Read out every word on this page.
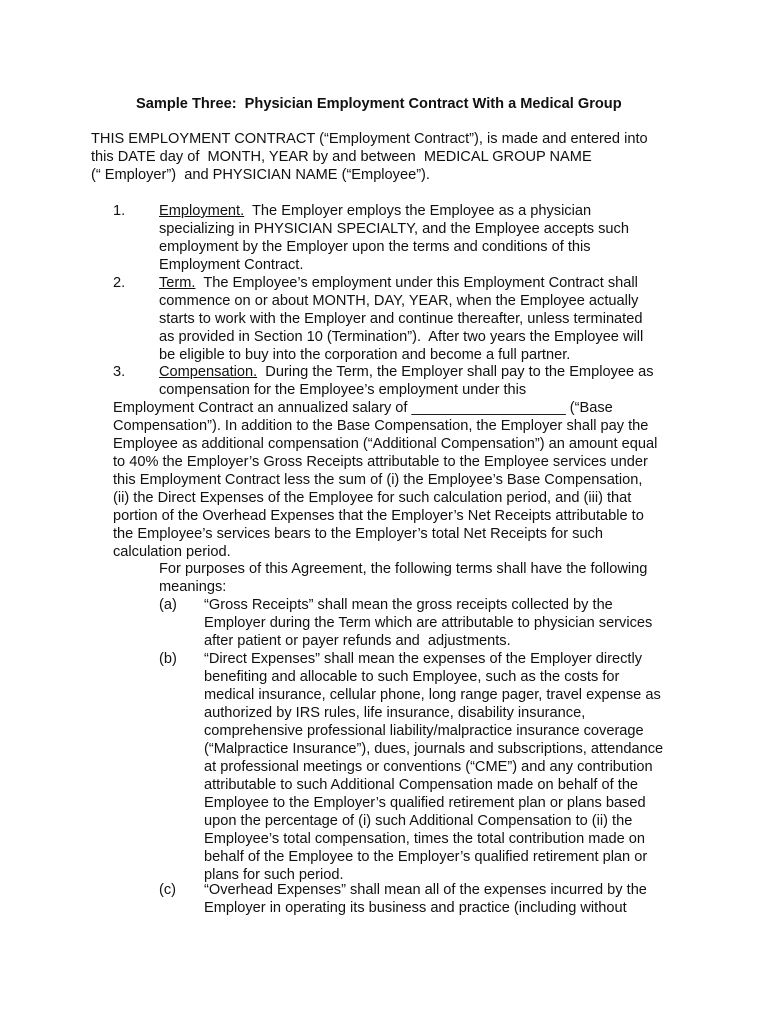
Sample Three:  Physician Employment Contract With a Medical Group
THIS EMPLOYMENT CONTRACT (“Employment Contract”), is made and entered into
this DATE day of  MONTH, YEAR by and between  MEDICAL GROUP NAME
(“ Employer”)  and PHYSICIAN NAME (“Employee”).
1. Employment.  The Employer employs the Employee as a physician
specializing in PHYSICIAN SPECIALTY, and the Employee accepts such
employment by the Employer upon the terms and conditions of this
Employment Contract.
2. Term.  The Employee’s employment under this Employment Contract shall
commence on or about MONTH, DAY, YEAR, when the Employee actually
starts to work with the Employer and continue thereafter, unless terminated
as provided in Section 10 (Termination”).  After two years the Employee will
be eligible to buy into the corporation and become a full partner.
3. Compensation.  During the Term, the Employer shall pay to the Employee as
compensation for the Employee’s employment under this
Employment Contract an annualized salary of ___________________ (“Base
Compensation”). In addition to the Base Compensation, the Employer shall pay the
Employee as additional compensation (“Additional Compensation”) an amount equal
to 40% the Employer’s Gross Receipts attributable to the Employee services under
this Employment Contract less the sum of (i) the Employee’s Base Compensation,
(ii) the Direct Expenses of the Employee for such calculation period, and (iii) that
portion of the Overhead Expenses that the Employer’s Net Receipts attributable to
the Employee’s services bears to the Employer’s total Net Receipts for such
calculation period.
For purposes of this Agreement, the following terms shall have the following
meanings:
(a) “Gross Receipts” shall mean the gross receipts collected by the
Employer during the Term which are attributable to physician services
after patient or payer refunds and  adjustments.
(b) “Direct Expenses” shall mean the expenses of the Employer directly
benefiting and allocable to such Employee, such as the costs for
medical insurance, cellular phone, long range pager, travel expense as
authorized by IRS rules, life insurance, disability insurance,
comprehensive professional liability/malpractice insurance coverage
(“Malpractice Insurance”), dues, journals and subscriptions, attendance
at professional meetings or conventions (“CME”) and any contribution
attributable to such Additional Compensation made on behalf of the
Employee to the Employer’s qualified retirement plan or plans based
upon the percentage of (i) such Additional Compensation to (ii) the
Employee’s total compensation, times the total contribution made on
behalf of the Employee to the Employer’s qualified retirement plan or
plans for such period.
(c) “Overhead Expenses” shall mean all of the expenses incurred by the
Employer in operating its business and practice (including without
